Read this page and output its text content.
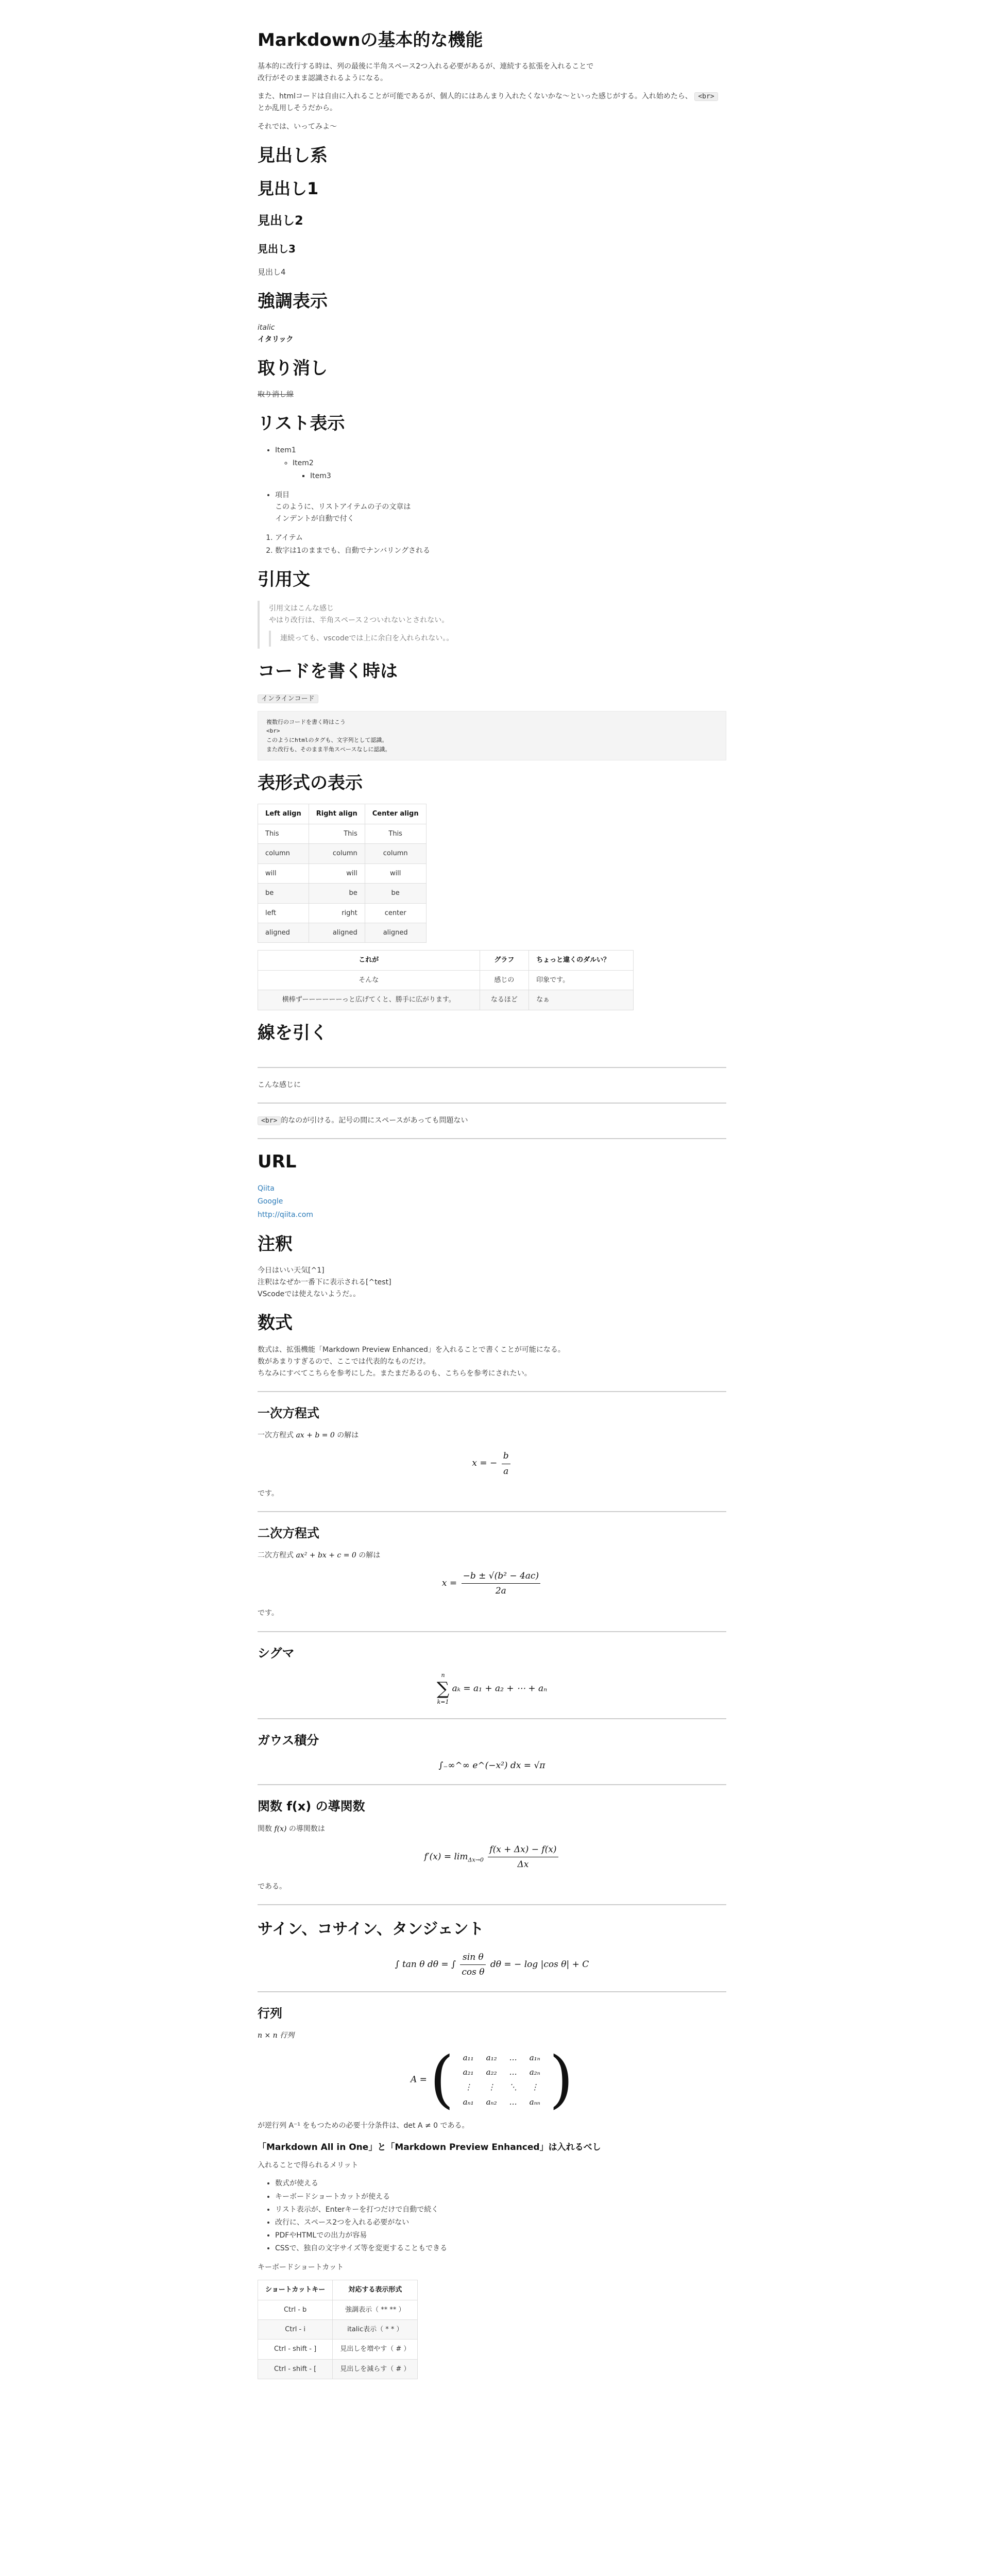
Markdownの基本的な機能

基本的に改行する時は、列の最後に半角スペース2つ入れる必要があるが、連続する拡張を入れることで
改行がそのまま認識されるようになる。

また、htmlコードは自由に入れることが可能であるが、個人的にはあんまり入れたくないかな〜といった感じがする。入れ始めたら、 <br> とか乱用しそうだから。

それでは、いってみよ〜

見出し系
見出し1
見出し2
見出し3
見出し4
強調表示

italic

イタリック

取り消し

取り消し線

リスト表示
• Item1
◦ Item2
▪ Item3
• 項目
このように、リストアイテムの子の文章は
インデントが自動で付く
1. アイテム
2. 数字は1のままでも、自動でナンバリングされる
引用文
引用文はこんな感じ
やはり改行は、半角スペース２ついれないとされない。
連続っても、vscodeでは上に余白を入れられない。。
コードを書く時は

インラインコード

複数行のコードを書く時はこう
<br>
このようにhtmlのタグも、文字列として認識。
また改行も、そのまま半角スペースなしに認識。
表形式の表示
Left align	Right align	Center align
This	This	This
column	column	column
will	will	will
be	be	be
left	right	center
aligned	aligned	aligned
これが	グラフ	ちょっと違くのダルい？
そんな	感じの	印象です。
横棒ずーーーーーーっと広げてくと、勝手に広がります。	なるほど	なぁ
線を引く

こんな感じに

<br> 的なのが引ける。記号の間にスペースがあっても問題ない

URL

Qiita
Google
http://qiita.com

注釈

今日はいい天気[^1]
注釈はなぜか一番下に表示される[^test]
VScodeでは使えないようだ。。

数式

数式は、拡張機能「Markdown Preview Enhanced」を入れることで書くことが可能になる。
数があまりすぎるので、ここでは代表的なものだけ。
ちなみにすべてこちらを参考にした。またまだあるのも、こちらを参考にされたい。

一次方程式

一次方程式 ax + b = 0 の解は

x = − $\frac{b}{a}$

です。

二次方程式

二次方程式 ax² + bx + c = 0 の解は

$x = \frac{\text{−b ± √(b² − 4ac)}}{2a}$

です。

シグマ
n
∑
k=1
aₖ = a₁ + a₂ + ⋯ + aₙ
ガウス積分
∫₋∞^∞ e^(−x²) dx = √π
関数 f(x) の導関数

関数 f(x) の導関数は

$f'(x) = \lim_{\Delta x\to 0} \frac{f(x + \Delta x) - f(x)}{\Delta x}$

である。

サイン、コサイン、タンジェント
∫ tan θ dθ = ∫ $\frac{\text{sin θ}}{\text{cos θ}}$ dθ = − log |cos θ| + C
行列

n × n 行列

A = ( a₁₁	a₁₂	…	a₁ₙ
a₂₁	a₂₂	…	a₂ₙ
⋮	⋮	⋱	⋮
aₙ₁	aₙ₂	…	aₙₙ )

が逆行列 A⁻¹ をもつための必要十分条件は、det A ≠ 0 である。

「Markdown All in One」と「Markdown Preview Enhanced」は入れるべし

入れることで得られるメリット

• 数式が使える
• キーボードショートカットが使える
• リスト表示が、Enterキーを打つだけで自動で続く
• 改行に、スペース2つを入れる必要がない
• PDFやHTMLでの出力が容易
• CSSで、独自の文字サイズ等を変更することもできる

キーボードショートカット

ショートカットキー	対応する表示形式
Ctrl - b	強調表示（ ** ** ）
Ctrl - i	italic表示（ * * ）
Ctrl - shift - ]	見出しを増やす（ # ）
Ctrl - shift - [	見出しを減らす（ # ）
